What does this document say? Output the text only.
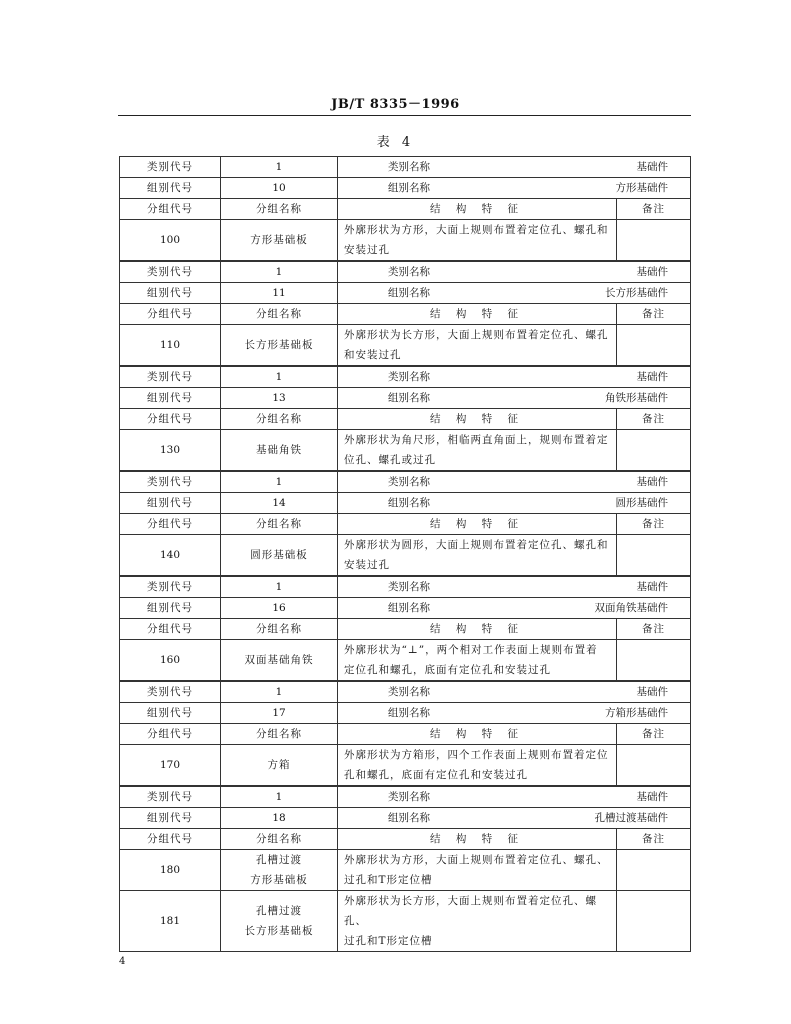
JB/T 8335－1996
表 4
类别代号	1	类别名称 基础件	

组别代号	10	组别名称 方形基础件	

分组代号	分组名称	结 构 特 征	备注
100	方形基础板	外廓形状为方形，大面上规则布置着定位孔、螺孔和
安装过孔	

类别代号	1	类别名称 基础件	

组别代号	11	组别名称 长方形基础件	

分组代号	分组名称	结 构 特 征	备注
110	长方形基础板	外廓形状为长方形，大面上规则布置着定位孔、螺孔
和安装过孔	

类别代号	1	类别名称 基础件	

组别代号	13	组别名称 角铁形基础件	

分组代号	分组名称	结 构 特 征	备注
130	基础角铁	外廓形状为角尺形，相临两直角面上，规则布置着定
位孔、螺孔或过孔	

类别代号	1	类别名称 基础件	

组别代号	14	组别名称 圆形基础件	

分组代号	分组名称	结 构 特 征	备注
140	圆形基础板	外廓形状为圆形，大面上规则布置着定位孔、螺孔和
安装过孔	

类别代号	1	类别名称 基础件	

组别代号	16	组别名称 双面角铁基础件	

分组代号	分组名称	结 构 特 征	备注
160	双面基础角铁	外廓形状为“⊥”，两个相对工作表面上规则布置着
定位孔和螺孔，底面有定位孔和安装过孔	

类别代号	1	类别名称 基础件	

组别代号	17	组别名称 方箱形基础件	

分组代号	分组名称	结 构 特 征	备注
170	方箱	外廓形状为方箱形，四个工作表面上规则布置着定位
孔和螺孔，底面有定位孔和安装过孔	

类别代号	1	类别名称 基础件	

组别代号	18	组别名称 孔槽过渡基础件	

分组代号	分组名称	结 构 特 征	备注
180	孔槽过渡
方形基础板	外廓形状为方形，大面上规则布置着定位孔、螺孔、
过孔和T形定位槽	

181	孔槽过渡
长方形基础板	外廓形状为长方形，大面上规则布置着定位孔、螺孔、
过孔和T形定位槽	

4
